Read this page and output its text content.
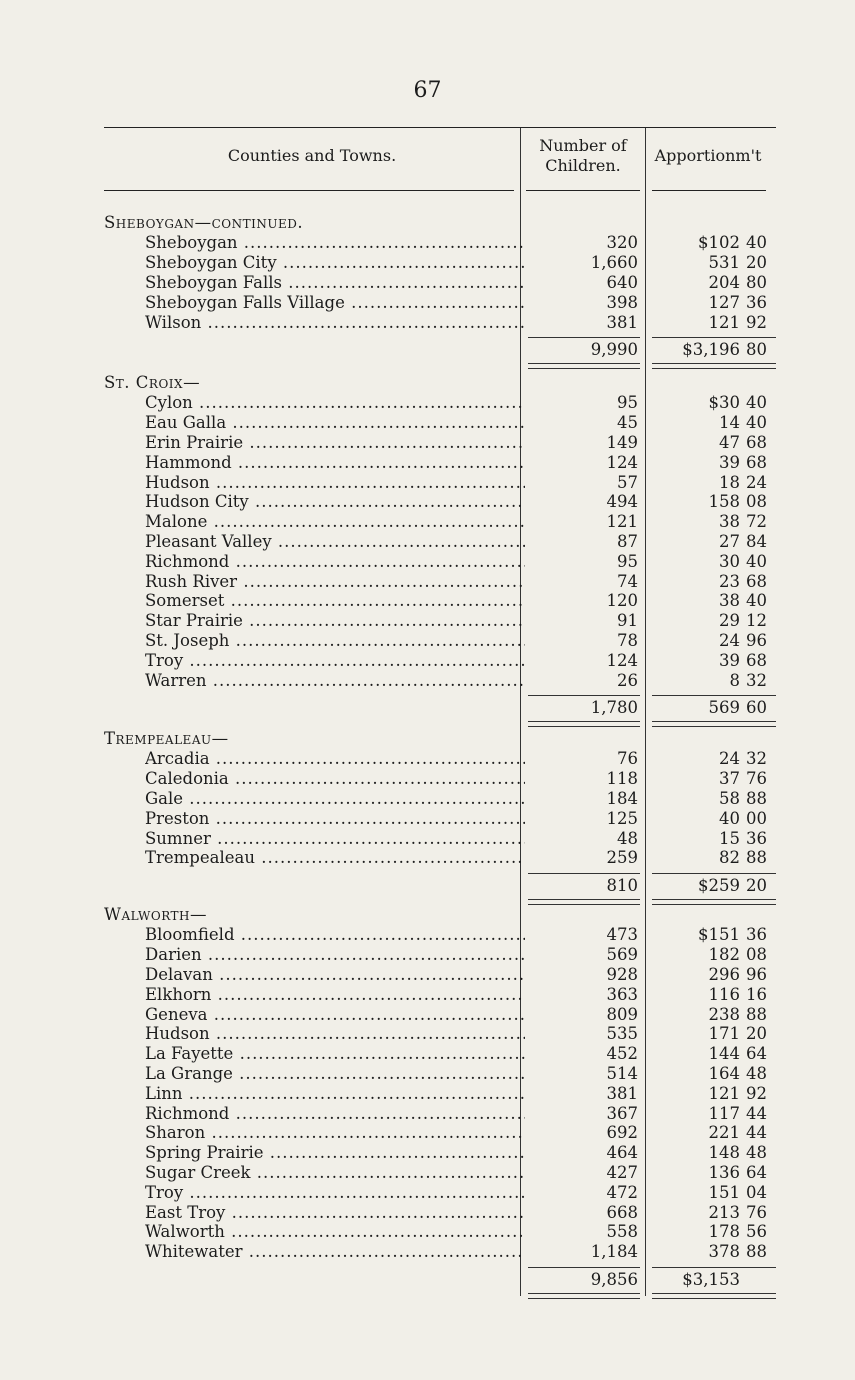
67
Counties and Towns.
Number of
Children.
Apportionm't
Sheboygan—continued.
Sheboygan .....	320	$102 40
Sheboygan City .....	1,660	531 20
Sheboygan Falls .....	640	204 80
Sheboygan Falls Village .....	398	127 36
Wilson .....	381	121 92
9,990	$3,196 80
St. Croix—
Cylon .....	95	$30 40
Eau Galla .....	45	14 40
Erin Prairie .....	149	47 68
Hammond .....	124	39 68
Hudson .....	57	18 24
Hudson City .....	494	158 08
Malone .....	121	38 72
Pleasant Valley .....	87	27 84
Richmond .....	95	30 40
Rush River .....	74	23 68
Somerset .....	120	38 40
Star Prairie .....	91	29 12
St. Joseph .....	78	24 96
Troy .....	124	39 68
Warren .....	26	8 32
1,780	569 60
Trempealeau—
Arcadia .....	76	24 32
Caledonia .....	118	37 76
Gale .....	184	58 88
Preston .....	125	40 00
Sumner .....	48	15 36
Trempealeau .....	259	82 88
810	$259 20
Walworth—
Bloomfield .....	473	$151 36
Darien .....	569	182 08
Delavan .....	928	296 96
Elkhorn .....	363	116 16
Geneva .....	809	238 88
Hudson .....	535	171 20
La Fayette .....	452	144 64
La Grange .....	514	164 48
Linn .....	381	121 92
Richmond .....	367	117 44
Sharon .....	692	221 44
Spring Prairie .....	464	148 48
Sugar Creek .....	427	136 64
Troy .....	472	151 04
East Troy .....	668	213 76
Walworth .....	558	178 56
Whitewater .....	1,184	378 88
9,856	$3,153
